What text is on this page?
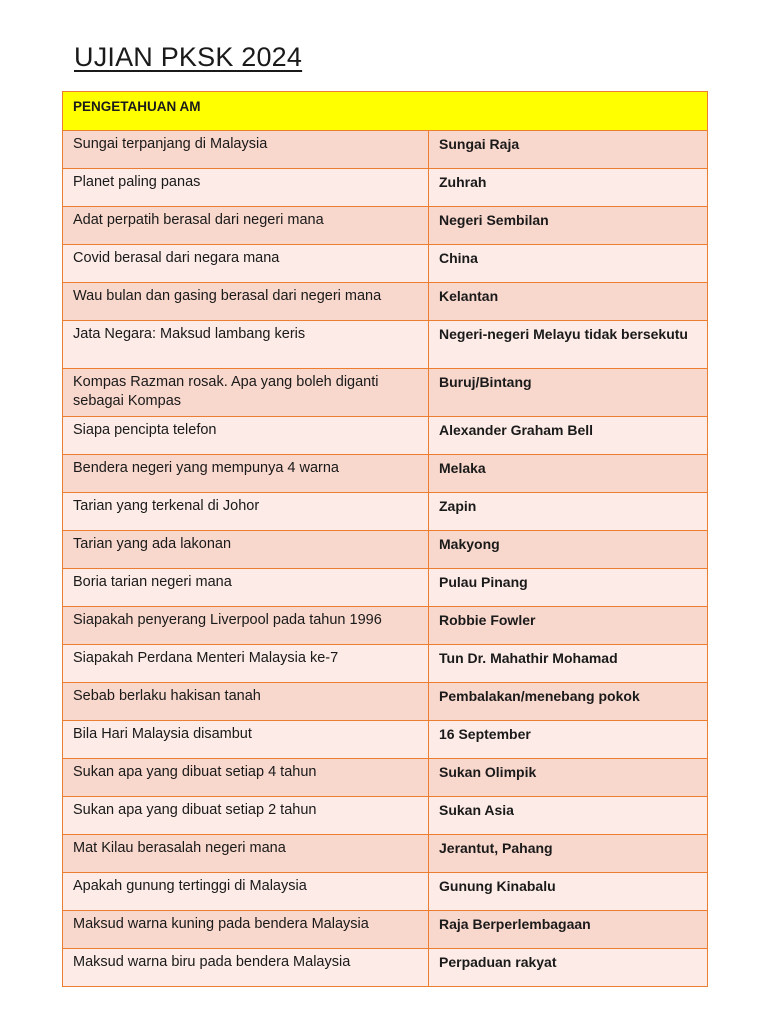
UJIAN PKSK 2024
PENGETAHUAN AM	
Sungai terpanjang di Malaysia	Sungai Raja
Planet paling panas	Zuhrah
Adat perpatih berasal dari negeri mana	Negeri Sembilan
Covid berasal dari negara mana	China
Wau bulan dan gasing berasal dari negeri mana	Kelantan
Jata Negara: Maksud lambang keris	Negeri-negeri Melayu tidak bersekutu
Kompas Razman rosak. Apa yang boleh diganti sebagai Kompas	Buruj/Bintang
Siapa pencipta telefon	Alexander Graham Bell
Bendera negeri yang mempunya 4 warna	Melaka
Tarian yang terkenal di Johor	Zapin
Tarian yang ada lakonan	Makyong
Boria tarian negeri mana	Pulau Pinang
Siapakah penyerang Liverpool pada tahun 1996	Robbie Fowler
Siapakah Perdana Menteri Malaysia ke-7	Tun Dr. Mahathir Mohamad
Sebab berlaku hakisan tanah	Pembalakan/menebang pokok
Bila Hari Malaysia disambut	16 September
Sukan apa yang dibuat setiap 4 tahun	Sukan Olimpik
Sukan apa yang dibuat setiap 2 tahun	Sukan Asia
Mat Kilau berasalah negeri mana	Jerantut, Pahang
Apakah gunung tertinggi di Malaysia	Gunung Kinabalu
Maksud warna kuning pada bendera Malaysia	Raja Berperlembagaan
Maksud warna biru pada bendera Malaysia	Perpaduan rakyat
